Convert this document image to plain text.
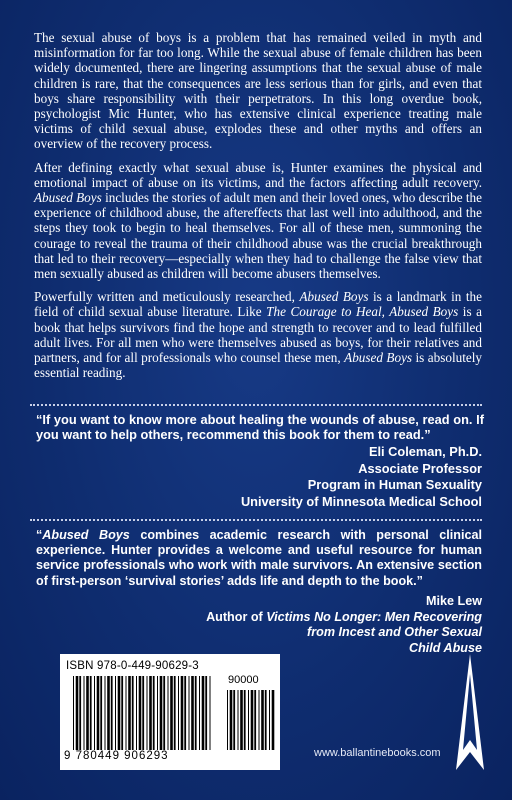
The sexual abuse of boys is a problem that has remained veiled in myth and misinformation for far too long. While the sexual abuse of female children has been widely documented, there are lingering assumptions that the sexual abuse of male children is rare, that the consequences are less serious than for girls, and even that boys share responsibility with their perpetrators. In this long overdue book, psychologist Mic Hunter, who has extensive clinical experience treating male victims of child sexual abuse, explodes these and other myths and offers an overview of the recovery process.

After defining exactly what sexual abuse is, Hunter examines the physical and emotional impact of abuse on its victims, and the factors affecting adult recovery. Abused Boys includes the stories of adult men and their loved ones, who describe the experience of childhood abuse, the aftereffects that last well into adulthood, and the steps they took to begin to heal themselves. For all of these men, summoning the courage to reveal the trauma of their childhood abuse was the crucial breakthrough that led to their recovery—especially when they had to challenge the false view that men sexually abused as children will become abusers themselves.

Powerfully written and meticulously researched, Abused Boys is a landmark in the field of child sexual abuse literature. Like The Courage to Heal, Abused Boys is a book that helps survivors find the hope and strength to recover and to lead fulfilled adult lives. For all men who were themselves abused as boys, for their relatives and partners, and for all professionals who counsel these men, Abused Boys is absolutely essential reading.

“If you want to know more about healing the wounds of abuse, read on. If you want to help others, recommend this book for them to read.”
Eli Coleman, Ph.D.
Associate Professor
Program in Human Sexuality
University of Minnesota Medical School
“Abused Boys combines academic research with personal clinical experience. Hunter provides a welcome and useful resource for human service professionals who work with male survivors. An extensive section of first-person ‘survival stories’ adds life and depth to the book.”
Mike Lew
Author of Victims No Longer: Men Recovering
from Incest and Other Sexual
Child Abuse
ISBN 978-0-449-90629-3
90000
9 780449 906293	www.ballantinebooks.com
